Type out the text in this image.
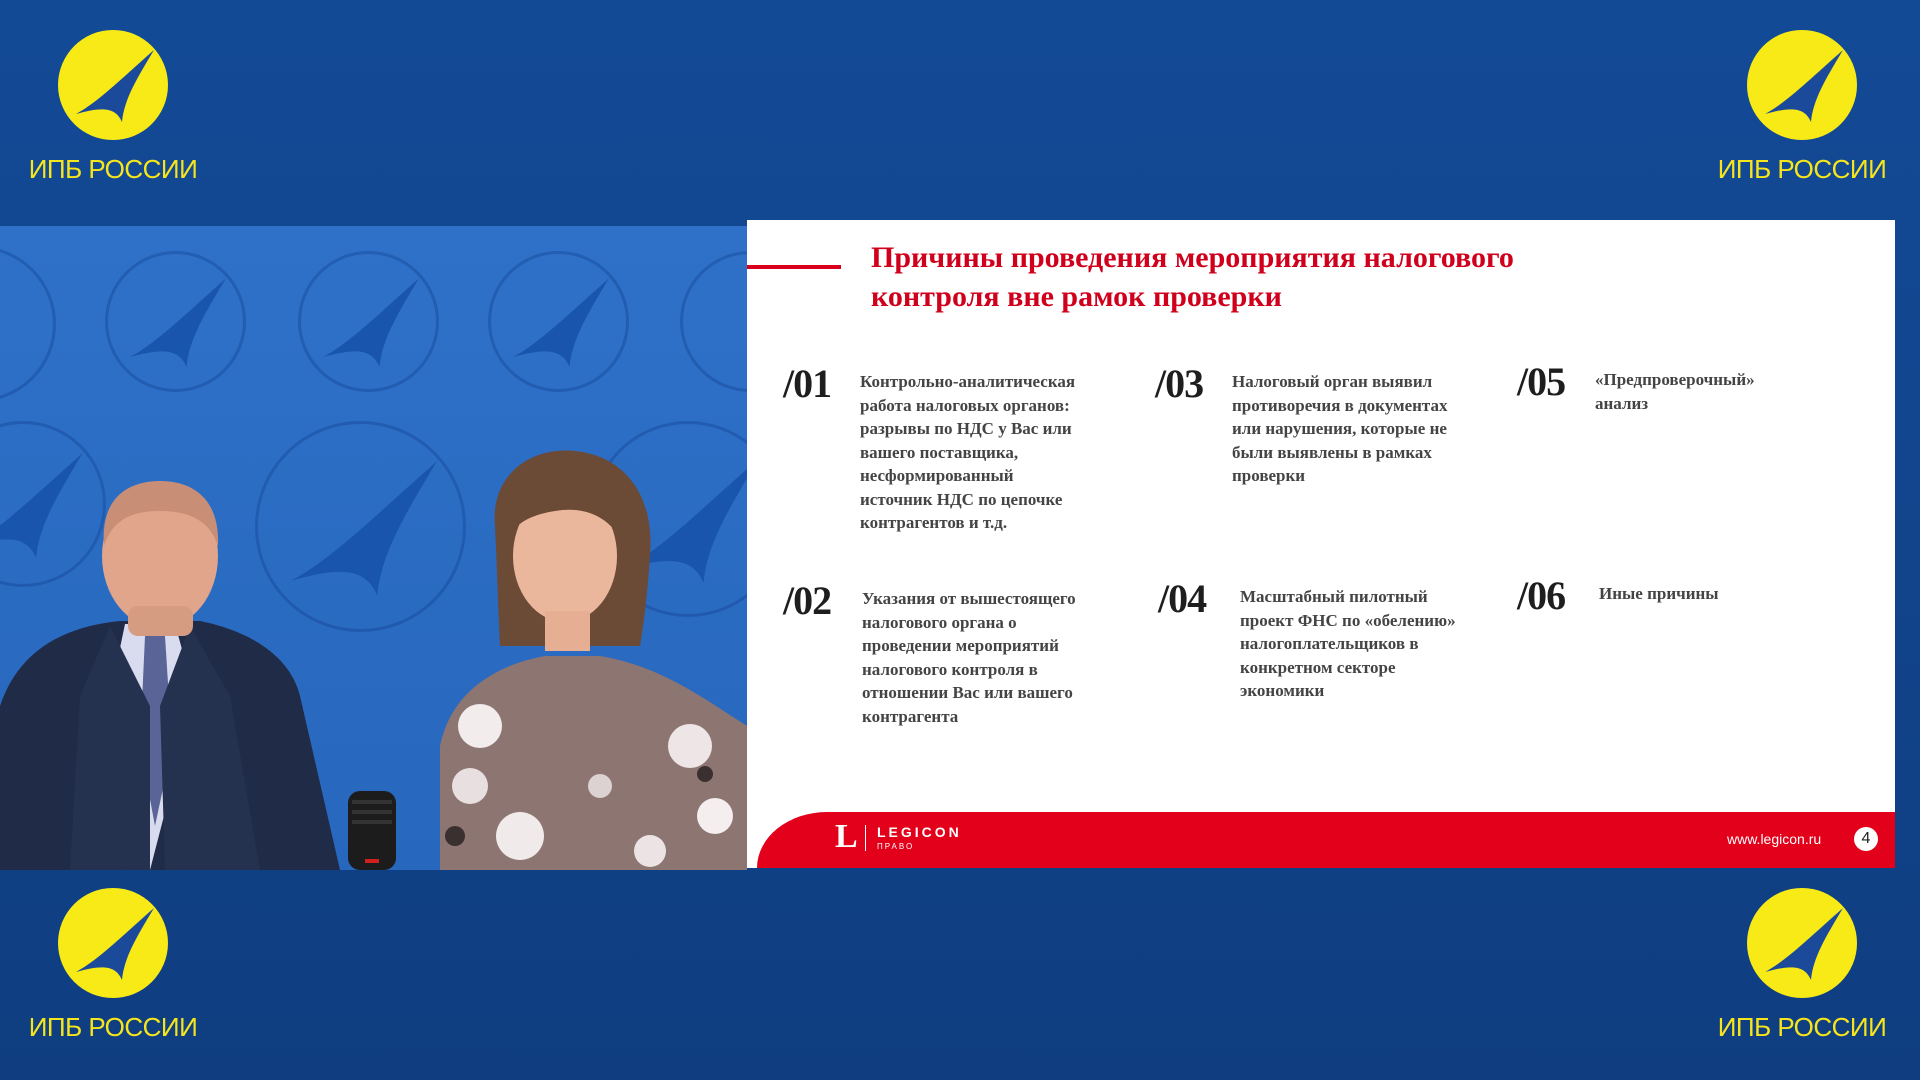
ИПБ РОССИИ	ИПБ РОССИИ
ИПБ РОССИИ	ИПБ РОССИИ
Причины проведения мероприятия налогового
контроля вне рамок проверки
/01 Контрольно-аналитическая
работа налоговых органов:
разрывы по НДС у Вас или
вашего поставщика,
несформированный
источник НДС по цепочке
контрагентов и т.д.
/02 Указания от вышестоящего
налогового органа о
проведении мероприятий
налогового контроля в
отношении Вас или вашего
контрагента
/03 Налоговый орган выявил
противоречия в документах
или нарушения, которые не
были выявлены в рамках
проверки
/04 Масштабный пилотный
проект ФНС по «обелению»
налогоплательщиков в
конкретном секторе
экономики
/05 «Предпроверочный»
анализ
/06 Иные причины
L LEGICON
ПРАВО	www.legicon.ru	4
